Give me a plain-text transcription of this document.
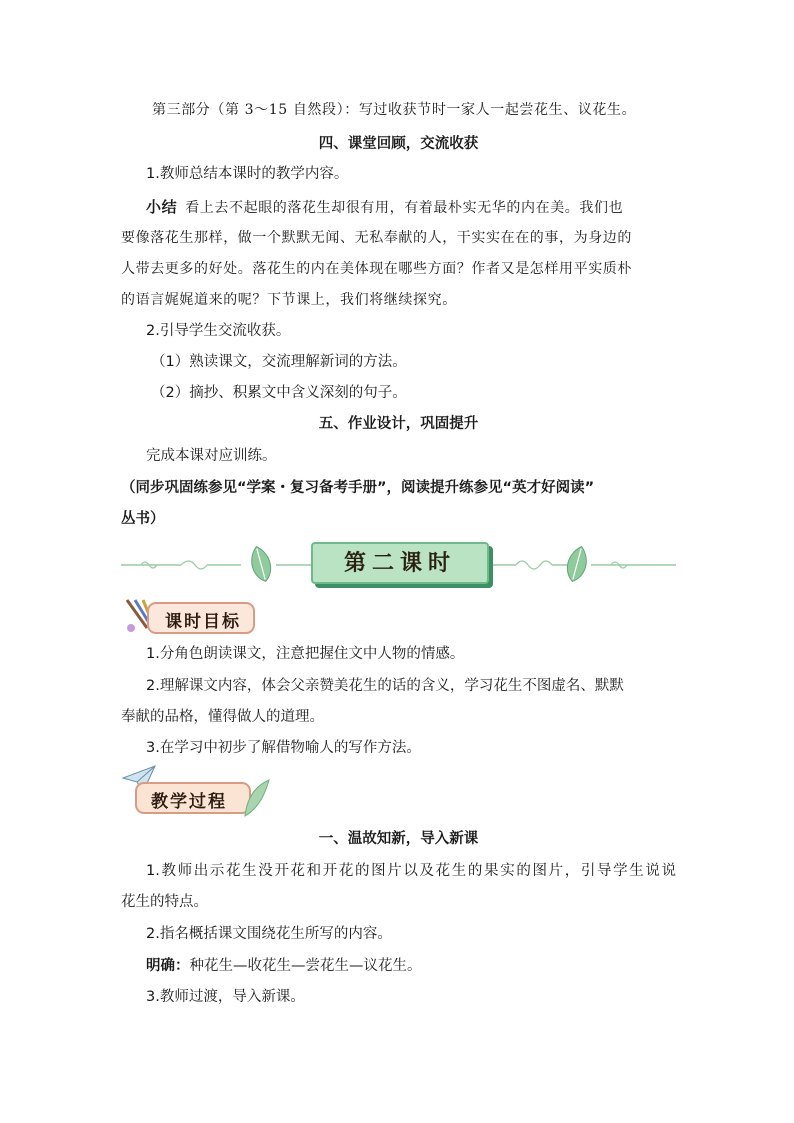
第三部分（第 3～15 自然段）：写过收获节时一家人一起尝花生、议花生。
四、课堂回顾，交流收获
1.教师总结本课时的教学内容。
小结 看上去不起眼的落花生却很有用，有着最朴实无华的内在美。我们也
要像落花生那样，做一个默默无闻、无私奉献的人，干实实在在的事，为身边的
人带去更多的好处。落花生的内在美体现在哪些方面？作者又是怎样用平实质朴
的语言娓娓道来的呢？下节课上，我们将继续探究。
2.引导学生交流收获。
（1）熟读课文，交流理解新词的方法。
（2）摘抄、积累文中含义深刻的句子。
五、作业设计，巩固提升
完成本课对应训练。
（同步巩固练参见“学案・复习备考手册”，阅读提升练参见“英才好阅读”
丛书）
第二课时
课时目标
1.分角色朗读课文，注意把握住文中人物的情感。
2.理解课文内容，体会父亲赞美花生的话的含义，学习花生不图虚名、默默
奉献的品格，懂得做人的道理。
3.在学习中初步了解借物喻人的写作方法。
教学过程
一、温故知新，导入新课
1.教师出示花生没开花和开花的图片以及花生的果实的图片，引导学生说说
花生的特点。
2.指名概括课文围绕花生所写的内容。
明确：种花生—收花生—尝花生—议花生。
3.教师过渡，导入新课。
